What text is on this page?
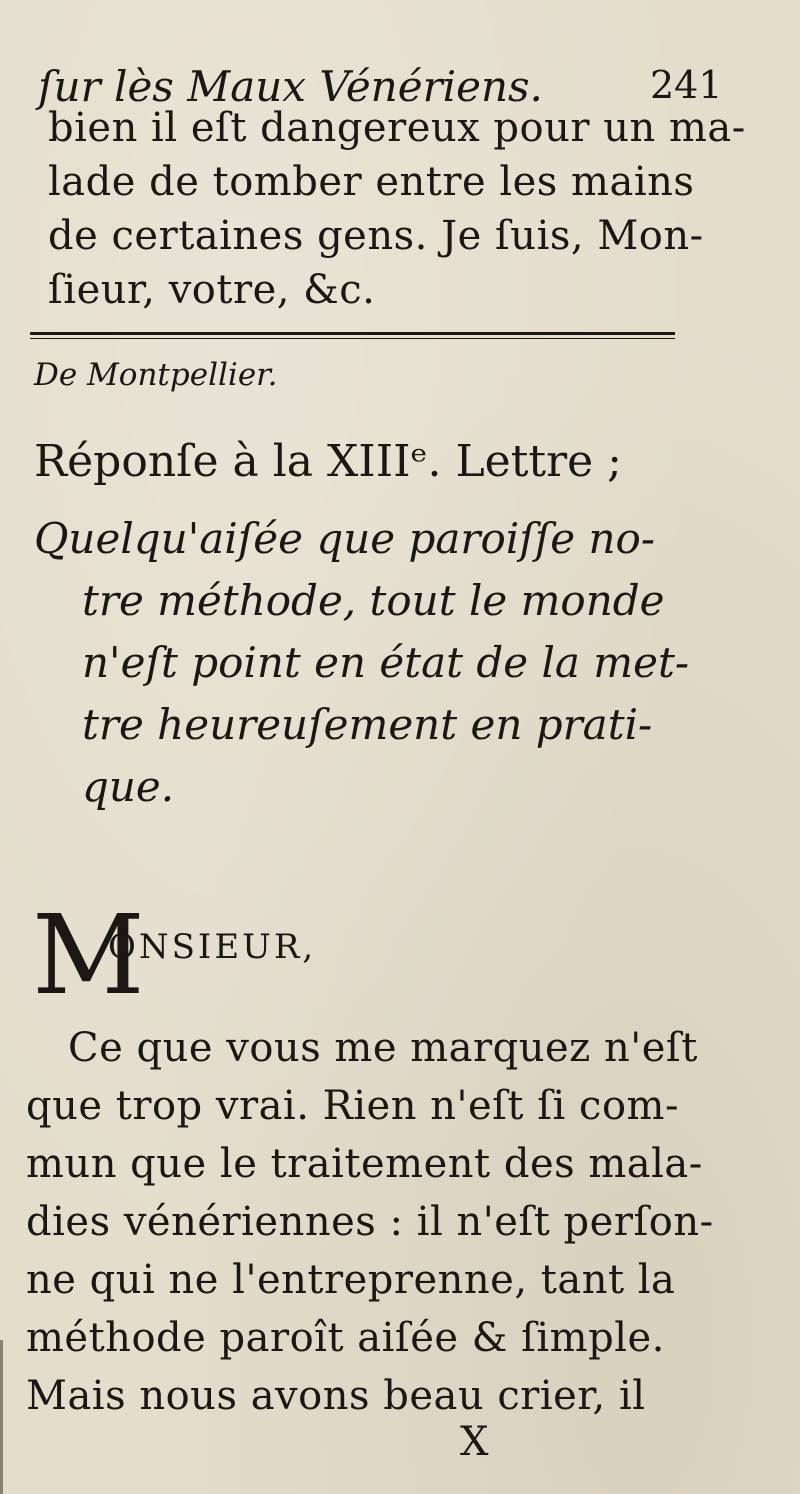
ſur lès Maux Vénériens.	241
bien il eſt dangereux pour un ma-
lade de tomber entre les mains
de certaines gens. Je ſuis, Mon-
ſieur, votre, &c.
De Montpellier.
Réponſe à la XIIIᵉ. Lettre ;
Quelqu'aiſée que paroiſſe no-
tre méthode, tout le monde
n'eſt point en état de la met-
tre heureuſement en prati-
que.
M
ONSIEUR,
Ce que vous me marquez n'eſt
que trop vrai. Rien n'eſt ſi com-
mun que le traitement des mala-
dies vénériennes : il n'eſt perſon-
ne qui ne l'entreprenne, tant la
méthode paroît aiſée & ſimple.
Mais nous avons beau crier, il
X
